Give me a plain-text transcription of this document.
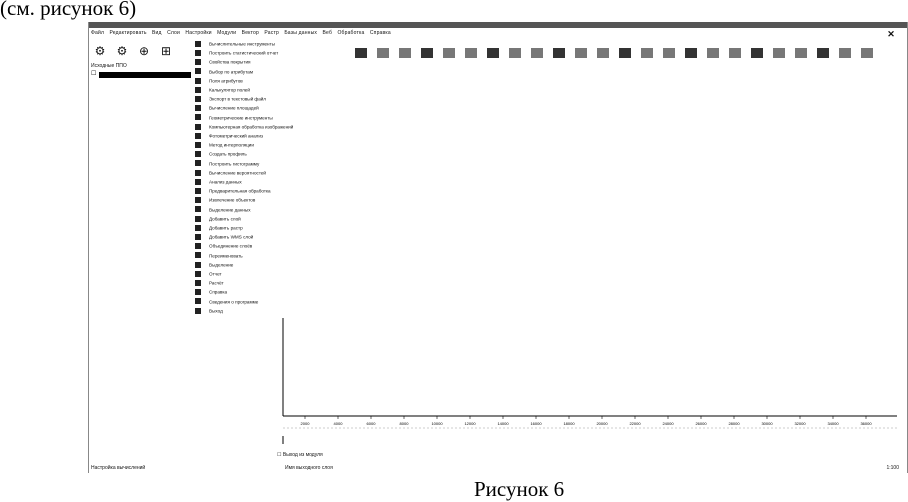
(см. рисунок 6)
Файл Редактировать Вид Слои Настройки Модули Вектор Растр Базы данных Веб Обработка Справка	✕
⚙ ⚙ ⊕ ⊞
Исходные ППО
☐
Вычислительные инструменты
Построить статистический отчет
Свойства покрытия
Выбор по атрибутам
Поля атрибутов
Калькулятор полей
Экспорт в текстовый файл
Вычисление площадей
Геометрические инструменты
Компьютерная обработка изображений
Фотометрический анализ
Метод интерполяции
Создать профиль
Построить гистограмму
Вычисление вероятностей
Анализ данных
Предварительная обработка
Извлечение объектов
Выделение данных
Добавить слой
Добавить растр
Добавить WMS слой
Объединение слоёв
Переименовать
Выделение
Отчет
Расчёт
Справка
Сведения о программе
Выход
2000	4000	6000	8000	10000	12000	14000	16000	18000	20000	22000	24000	26000	28000	30000	32000	34000	36000
☐ Выход из модуля
Настройка вычислений	Имя выходного слоя	1:100
Рисунок 6
